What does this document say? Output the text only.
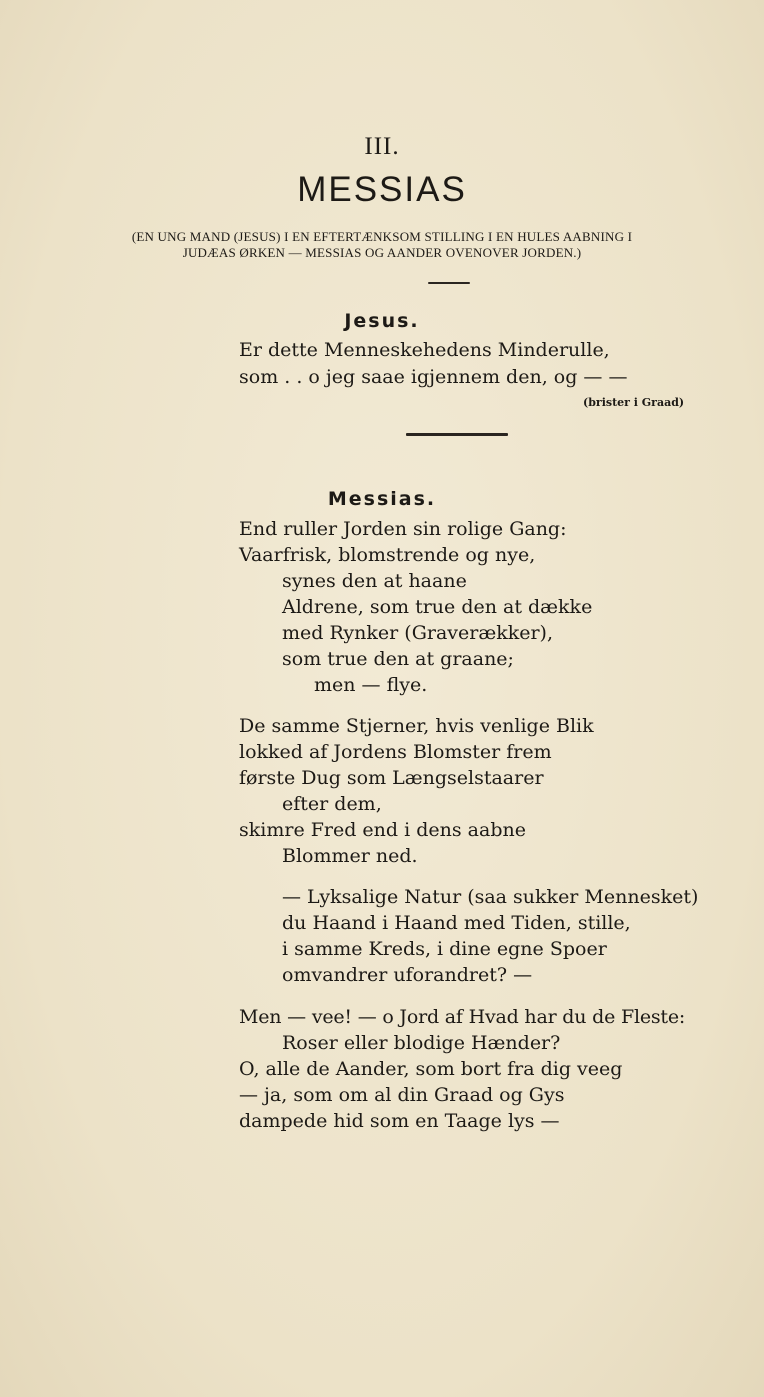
III.
MESSIAS
(EN UNG MAND (JESUS) I EN EFTERTÆNKSOM STILLING I EN HULES AABNING I
JUDÆAS ØRKEN — MESSIAS OG AANDER OVENOVER JORDEN.)
Jesus.
Er dette Menneskehedens Minderulle,
som . . o jeg saae igjennem den, og — —
(brister i Graad)
Messias.
End ruller Jorden sin rolige Gang:
Vaarfrisk, blomstrende og nye,
synes den at haane
Aldrene, som true den at dække
med Rynker (Graverækker),
som true den at graane;
men — flye.
De samme Stjerner, hvis venlige Blik
lokked af Jordens Blomster frem
første Dug som Længselstaarer
efter dem,
skimre Fred end i dens aabne
Blommer ned.
— Lyksalige Natur (saa sukker Mennesket)
du Haand i Haand med Tiden, stille,
i samme Kreds, i dine egne Spoer
omvandrer uforandret? —
Men — vee! — o Jord af Hvad har du de Fleste:
Roser eller blodige Hænder?
O, alle de Aander, som bort fra dig veeg
— ja, som om al din Graad og Gys
dampede hid som en Taage lys —
